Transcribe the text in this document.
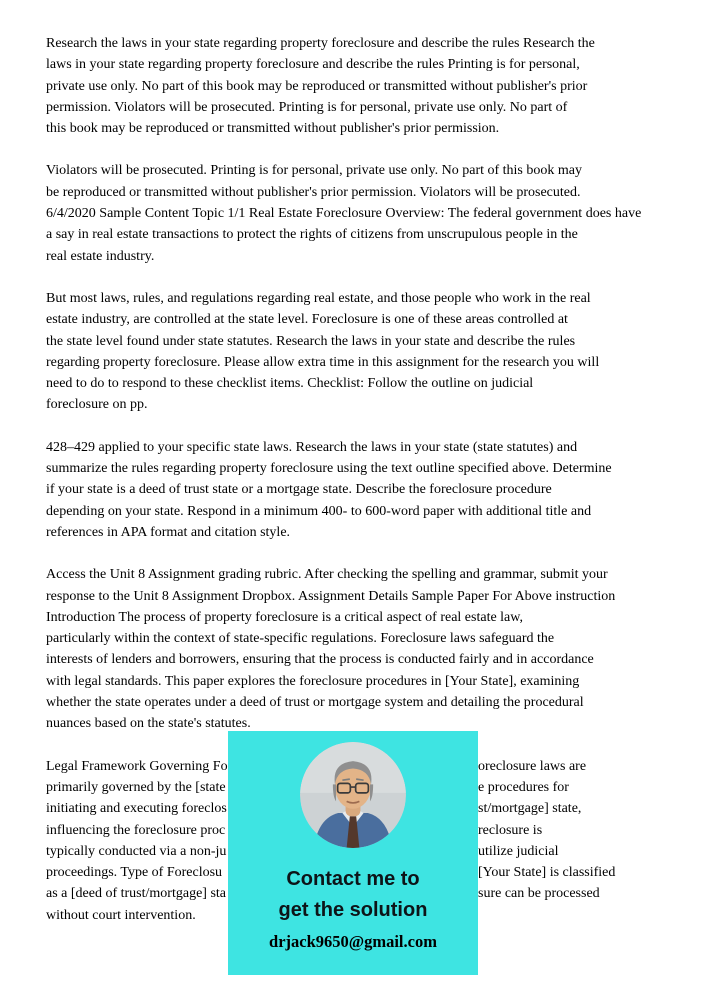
Research the laws in your state regarding property foreclosure and describe the rules Research the
laws in your state regarding property foreclosure and describe the rules Printing is for personal,
private use only. No part of this book may be reproduced or transmitted without publisher's prior
permission. Violators will be prosecuted. Printing is for personal, private use only. No part of
this book may be reproduced or transmitted without publisher's prior permission.
Violators will be prosecuted. Printing is for personal, private use only. No part of this book may
be reproduced or transmitted without publisher's prior permission. Violators will be prosecuted.
6/4/2020 Sample Content Topic 1/1 Real Estate Foreclosure Overview: The federal government does have
a say in real estate transactions to protect the rights of citizens from unscrupulous people in the
real estate industry.
But most laws, rules, and regulations regarding real estate, and those people who work in the real
estate industry, are controlled at the state level. Foreclosure is one of these areas controlled at
the state level found under state statutes. Research the laws in your state and describe the rules
regarding property foreclosure. Please allow extra time in this assignment for the research you will
need to do to respond to these checklist items. Checklist: Follow the outline on judicial
foreclosure on pp.
428–429 applied to your specific state laws. Research the laws in your state (state statutes) and
summarize the rules regarding property foreclosure using the text outline specified above. Determine
if your state is a deed of trust state or a mortgage state. Describe the foreclosure procedure
depending on your state. Respond in a minimum 400- to 600-word paper with additional title and
references in APA format and citation style.
Access the Unit 8 Assignment grading rubric. After checking the spelling and grammar, submit your
response to the Unit 8 Assignment Dropbox. Assignment Details Sample Paper For Above instruction
Introduction The process of property foreclosure is a critical aspect of real estate law,
particularly within the context of state-specific regulations. Foreclosure laws safeguard the
interests of lenders and borrowers, ensuring that the process is conducted fairly and in accordance
with legal standards. This paper explores the foreclosure procedures in [Your State], examining
whether the state operates under a deed of trust or mortgage system and detailing the procedural
nuances based on the state's statutes.
Legal Framework Governing Fo	oreclosure laws are
primarily governed by the [state	e procedures for
initiating and executing foreclos	st/mortgage] state,
influencing the foreclosure proc	reclosure is
typically conducted via a non-ju	utilize judicial
proceedings. Type of Foreclosu	[Your State] is classified
as a [deed of trust/mortgage] sta	sure can be processed
without court intervention.
Contact me to
get the solution
drjack9650@gmail.com
